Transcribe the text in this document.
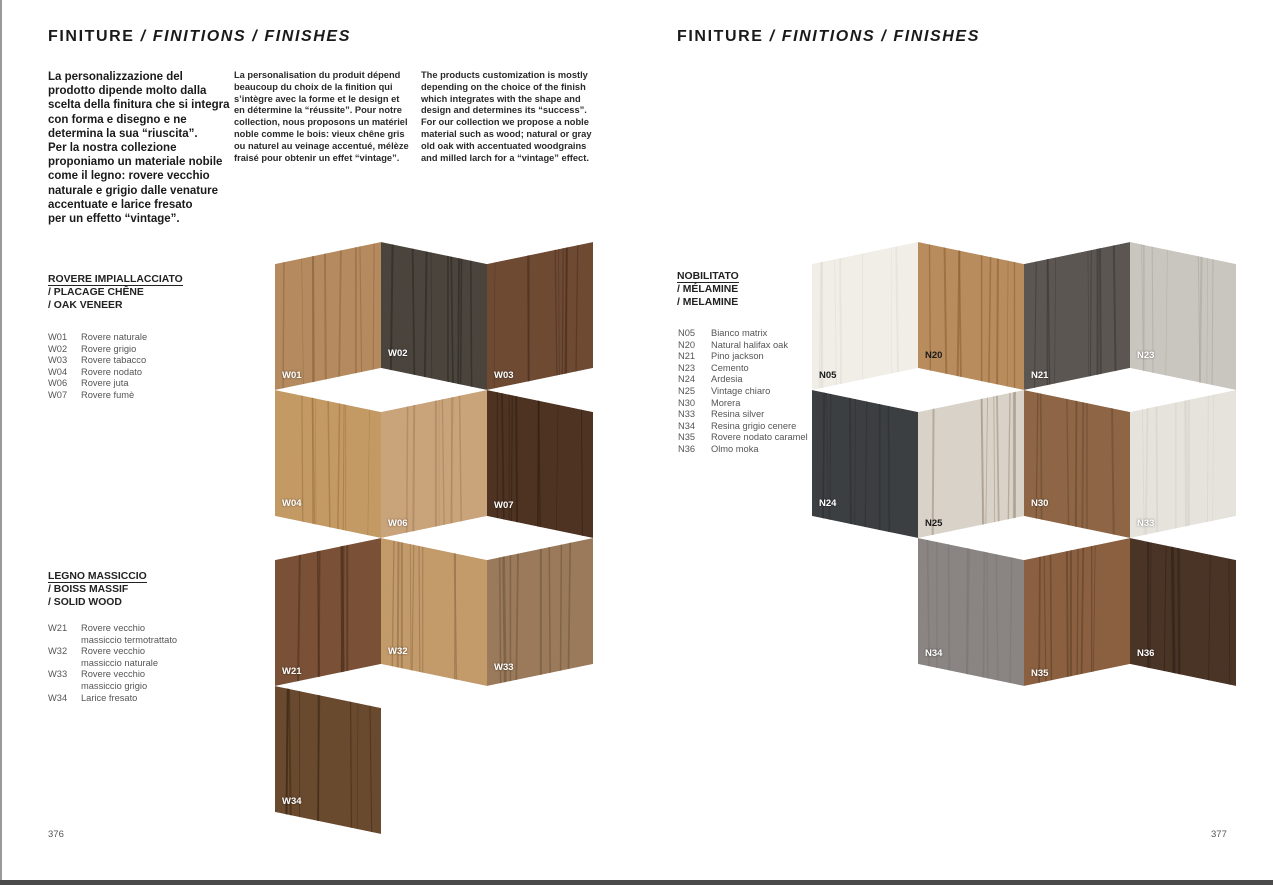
FINITURE / FINITIONS / FINISHES
La personalizzazione del
prodotto dipende molto dalla
scelta della finitura che si integra
con forma e disegno e ne
determina la sua “riuscita”.
Per la nostra collezione
proponiamo un materiale nobile
come il legno: rovere vecchio
naturale e grigio dalle venature
accentuate e larice fresato
per un effetto “vintage”.
La personalisation du produit dépend
beaucoup du choix de la finition qui
s’intègre avec la forme et le design et
en détermine la “réussite”. Pour notre
collection, nous proposons un matériel
noble comme le bois: vieux chêne gris
ou naturel au veinage accentué, mélèze
fraisé pour obtenir un effet “vintage”.
The products customization is mostly
depending on the choice of the finish
which integrates with the shape and
design and determines its “success”.
For our collection we propose a noble
material such as wood; natural or gray
old oak with accentuated woodgrains
and milled larch for a “vintage” effect.
ROVERE IMPIALLACCIATO
/ PLACAGE CHÊNE
/ OAK VENEER
W01	Rovere naturale
W02	Rovere grigio
W03	Rovere tabacco
W04	Rovere nodato
W06	Rovere juta
W07	Rovere fumè
LEGNO MASSICCIO
/ BOISS MASSIF
/ SOLID WOOD
W21	Rovere vecchio
massiccio termotrattato
W32	Rovere vecchio
massiccio naturale
W33	Rovere vecchio
massiccio grigio
W34	Larice fresato
376
W01
W02
W03
W04
W06
W07
W21
W32
W33
W34
FINITURE / FINITIONS / FINISHES
NOBILITATO
/ MÉLAMINE
/ MELAMINE
N05	Bianco matrix
N20	Natural halifax oak
N21	Pino jackson
N23	Cemento
N24	Ardesia
N25	Vintage chiaro
N30	Morera
N33	Resina silver
N34	Resina grigio cenere
N35	Rovere nodato caramel
N36	Olmo moka
377
N05
N20
N21
N23
N24
N25
N30
N33
N34
N35
N36
